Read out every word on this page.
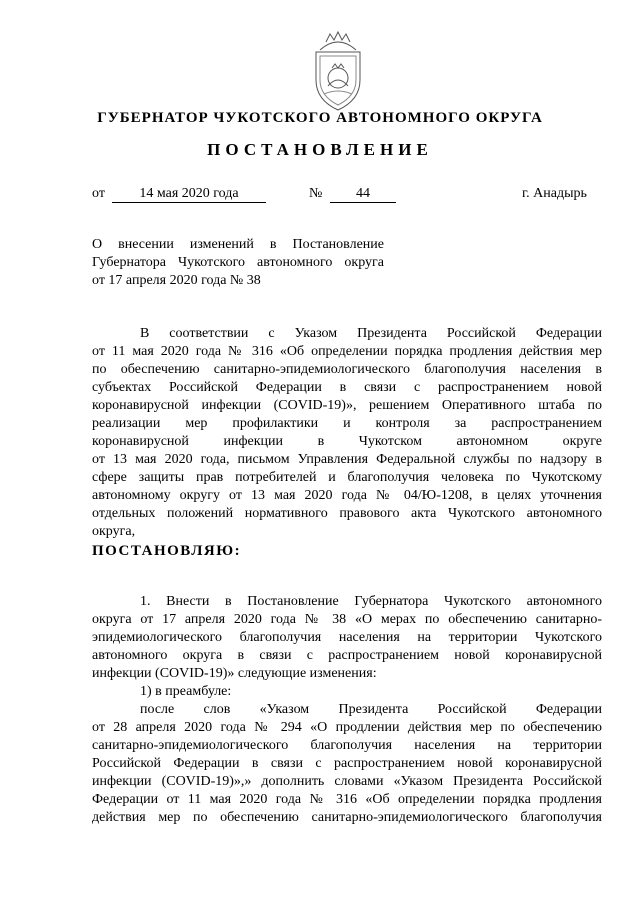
ГУБЕРНАТОР ЧУКОТСКОГО АВТОНОМНОГО ОКРУГА
ПОСТАНОВЛЕНИЕ
от	14 мая 2020 года	№	44	г. Анадырь
О внесении изменений в Постановление
Губернатора Чукотского автономного округа
от 17 апреля 2020 года № 38
В соответствии с Указом Президента Российской Федерации
от 11 мая 2020 года № 316 «Об определении порядка продления действия мер
по обеспечению санитарно-эпидемиологического благополучия населения в
субъектах Российской Федерации в связи с распространением новой
коронавирусной инфекции (COVID-19)», решением Оперативного штаба по
реализации мер профилактики и контроля за распространением
коронавирусной инфекции в Чукотском автономном округе
от 13 мая 2020 года, письмом Управления Федеральной службы по надзору в
сфере защиты прав потребителей и благополучия человека по Чукотскому
автономному округу от 13 мая 2020 года № 04/Ю-1208, в целях уточнения
отдельных положений нормативного правового акта Чукотского автономного
округа,
ПОСТАНОВЛЯЮ:
1. Внести в Постановление Губернатора Чукотского автономного
округа от 17 апреля 2020 года № 38 «О мерах по обеспечению санитарно-
эпидемиологического благополучия населения на территории Чукотского
автономного округа в связи с распространением новой коронавирусной
инфекции (COVID-19)» следующие изменения:
1) в преамбуле:
после слов «Указом Президента Российской Федерации
от 28 апреля 2020 года № 294 «О продлении действия мер по обеспечению
санитарно-эпидемиологического благополучия населения на территории
Российской Федерации в связи с распространением новой коронавирусной
инфекции (COVID-19)»,» дополнить словами «Указом Президента Российской
Федерации от 11 мая 2020 года № 316 «Об определении порядка продления
действия мер по обеспечению санитарно-эпидемиологического благополучия
